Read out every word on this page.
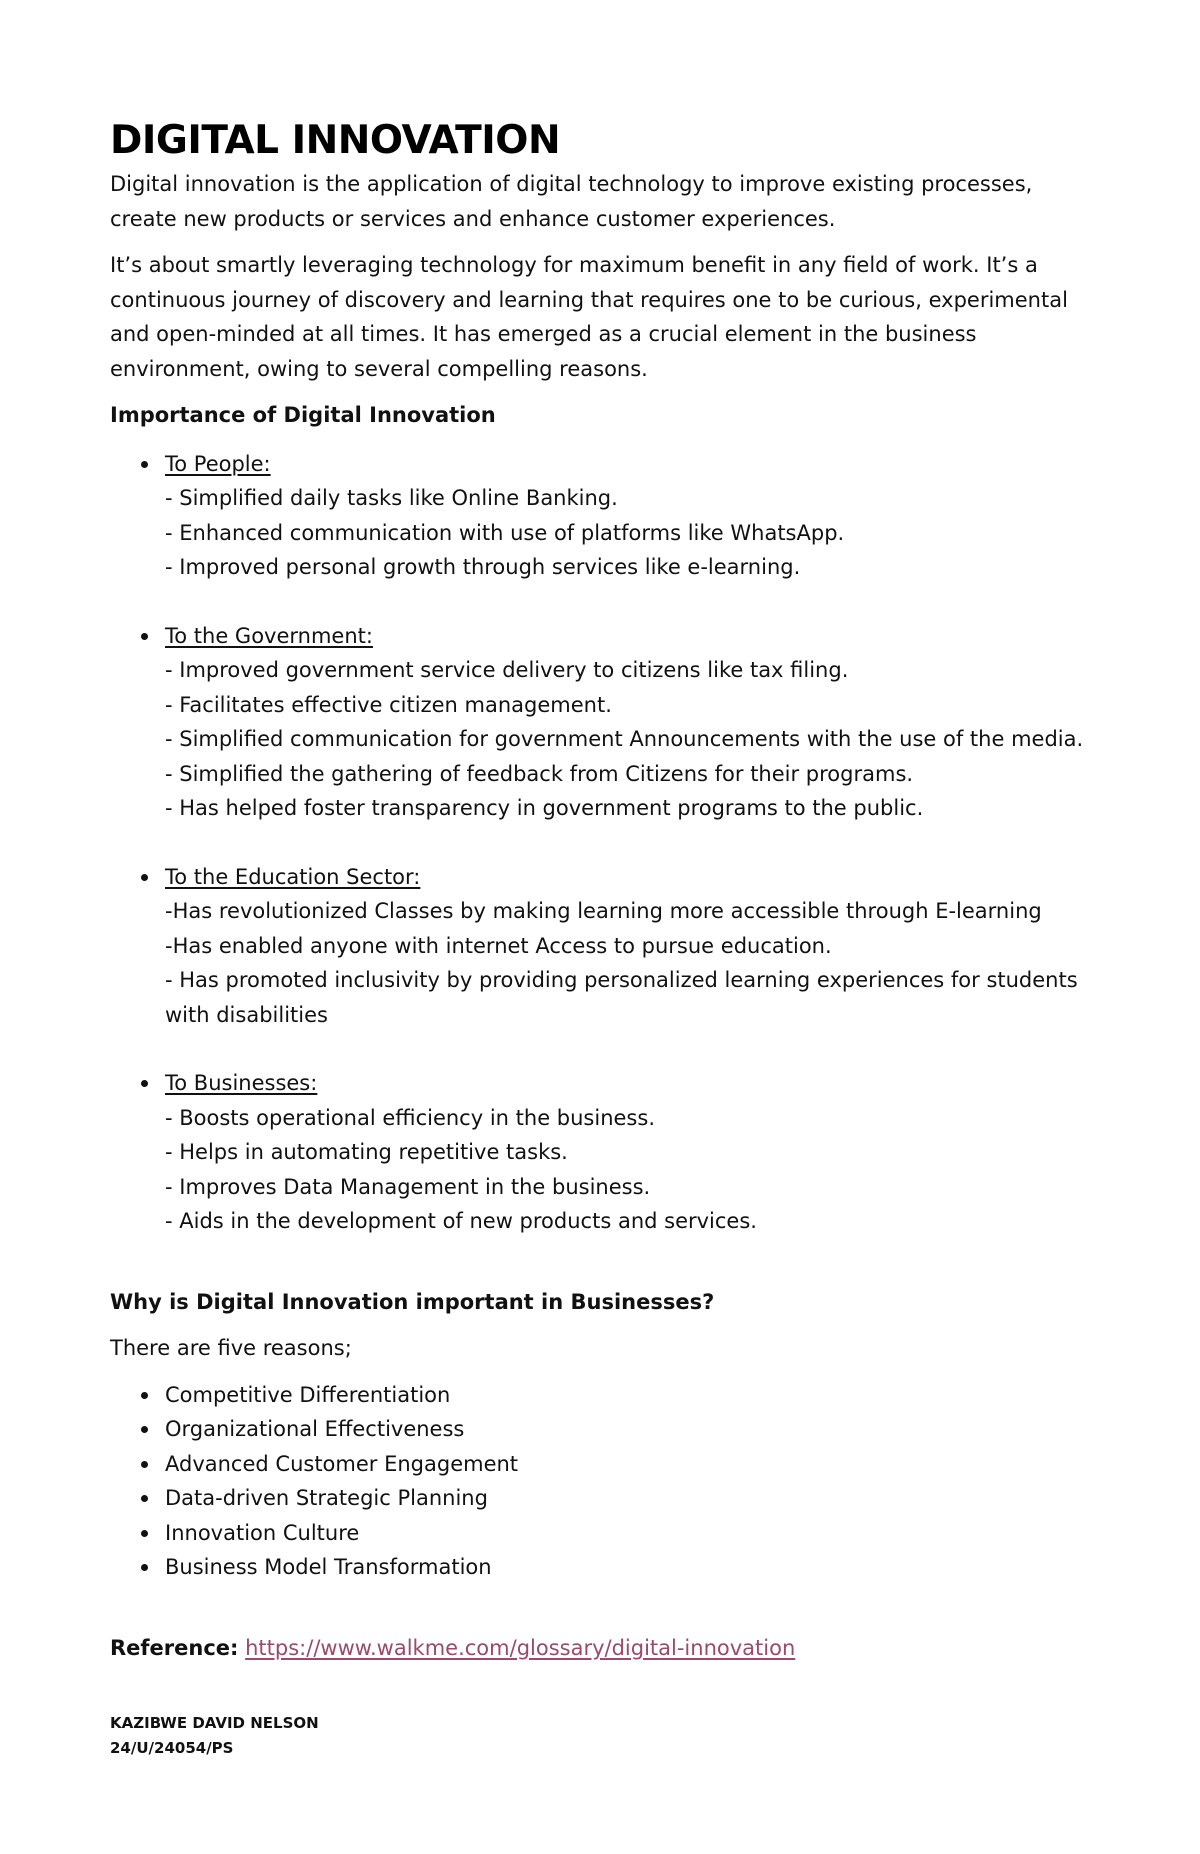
DIGITAL INNOVATION

Digital innovation is the application of digital technology to improve existing processes, create new products or services and enhance customer experiences.

It’s about smartly leveraging technology for maximum benefit in any field of work. It’s a continuous journey of discovery and learning that requires one to be curious, experimental and open-minded at all times. It has emerged as a crucial element in the business environment, owing to several compelling reasons.

Importance of Digital Innovation

To People:
- Simplified daily tasks like Online Banking.
- Enhanced communication with use of platforms like WhatsApp.
- Improved personal growth through services like e-learning.
To the Government:
- Improved government service delivery to citizens like tax filing.
- Facilitates effective citizen management.
- Simplified communication for government Announcements with the use of the media.
- Simplified the gathering of feedback from Citizens for their programs.
- Has helped foster transparency in government programs to the public.
To the Education Sector:
-Has revolutionized Classes by making learning more accessible through E-learning
-Has enabled anyone with internet Access to pursue education.
- Has promoted inclusivity by providing personalized learning experiences for students with disabilities
To Businesses:
- Boosts operational efficiency in the business.
- Helps in automating repetitive tasks.
- Improves Data Management in the business.
- Aids in the development of new products and services.

Why is Digital Innovation important in Businesses?

There are five reasons;

Competitive Differentiation
Organizational Effectiveness
Advanced Customer Engagement
Data-driven Strategic Planning
Innovation Culture
Business Model Transformation

Reference: https://www.walkme.com/glossary/digital-innovation

KAZIBWE DAVID NELSON

24/U/24054/PS
